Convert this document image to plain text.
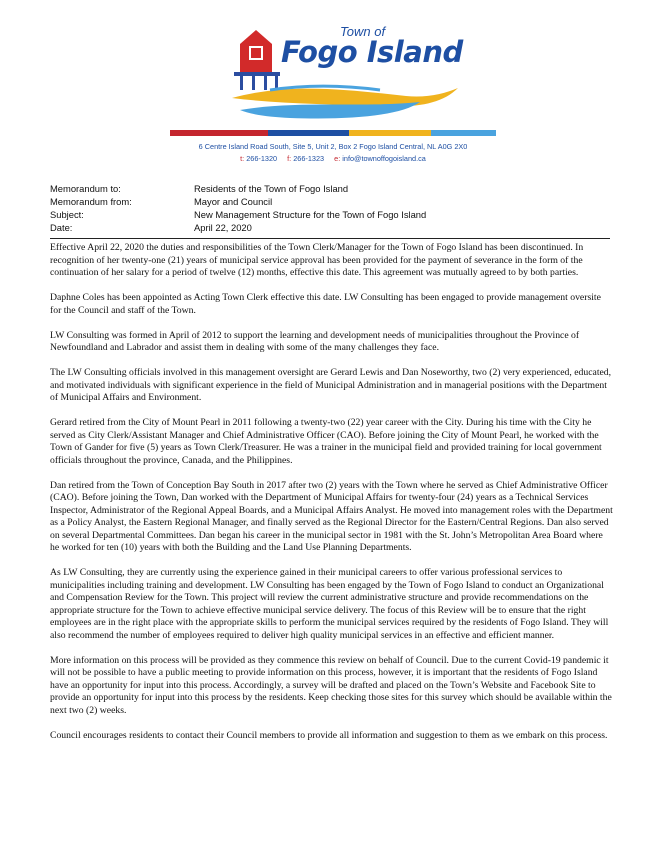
Town of
Fogo Island
6 Centre Island Road South, Site 5, Unit 2, Box 2 Fogo Island Central, NL A0G 2X0
t: 266-1320 f: 266-1323 e: info@townoffogoisland.ca
Memorandum to:	Residents of the Town of Fogo Island
Memorandum from:	Mayor and Council
Subject:	New Management Structure for the Town of Fogo Island
Date:	April 22, 2020

Effective April 22, 2020 the duties and responsibilities of the Town Clerk/Manager for the Town of Fogo Island has been discontinued. In recognition of her twenty-one (21) years of municipal service approval has been provided for the payment of severance in the form of the continuation of her salary for a period of twelve (12) months, effective this date. This agreement was mutually agreed to by both parties.

Daphne Coles has been appointed as Acting Town Clerk effective this date. LW Consulting has been engaged to provide management oversite for the Council and staff of the Town.

LW Consulting was formed in April of 2012 to support the learning and development needs of municipalities throughout the Province of Newfoundland and Labrador and assist them in dealing with some of the many challenges they face.

The LW Consulting officials involved in this management oversight are Gerard Lewis and Dan Noseworthy, two (2) very experienced, educated, and motivated individuals with significant experience in the field of Municipal Administration and in managerial positions with the Department of Municipal Affairs and Environment.

Gerard retired from the City of Mount Pearl in 2011 following a twenty-two (22) year career with the City. During his time with the City he served as City Clerk/Assistant Manager and Chief Administrative Officer (CAO). Before joining the City of Mount Pearl, he worked with the Town of Gander for five (5) years as Town Clerk/Treasurer. He was a trainer in the municipal field and provided training for local government officials throughout the province, Canada, and the Philippines.

Dan retired from the Town of Conception Bay South in 2017 after two (2) years with the Town where he served as Chief Administrative Officer (CAO). Before joining the Town, Dan worked with the Department of Municipal Affairs for twenty-four (24) years as a Technical Services Inspector, Administrator of the Regional Appeal Boards, and a Municipal Affairs Analyst. He moved into management roles with the Department as a Policy Analyst, the Eastern Regional Manager, and finally served as the Regional Director for the Eastern/Central Regions. Dan also served on several Departmental Committees. Dan began his career in the municipal sector in 1981 with the St. John’s Metropolitan Area Board where he worked for ten (10) years with both the Building and the Land Use Planning Departments.

As LW Consulting, they are currently using the experience gained in their municipal careers to offer various professional services to municipalities including training and development. LW Consulting has been engaged by the Town of Fogo Island to conduct an Organizational and Compensation Review for the Town. This project will review the current administrative structure and provide recommendations on the appropriate structure for the Town to achieve effective municipal service delivery. The focus of this Review will be to ensure that the right employees are in the right place with the appropriate skills to perform the municipal services required by the residents of Fogo Island. They will also recommend the number of employees required to deliver high quality municipal services in an effective and efficient manner.

More information on this process will be provided as they commence this review on behalf of Council. Due to the current Covid-19 pandemic it will not be possible to have a public meeting to provide information on this process, however, it is important that the residents of Fogo Island have an opportunity for input into this process. Accordingly, a survey will be drafted and placed on the Town’s Website and Facebook Site to provide an opportunity for input into this process by the residents. Keep checking those sites for this survey which should be available within the next two (2) weeks.

Council encourages residents to contact their Council members to provide all information and suggestion to them as we embark on this process.
